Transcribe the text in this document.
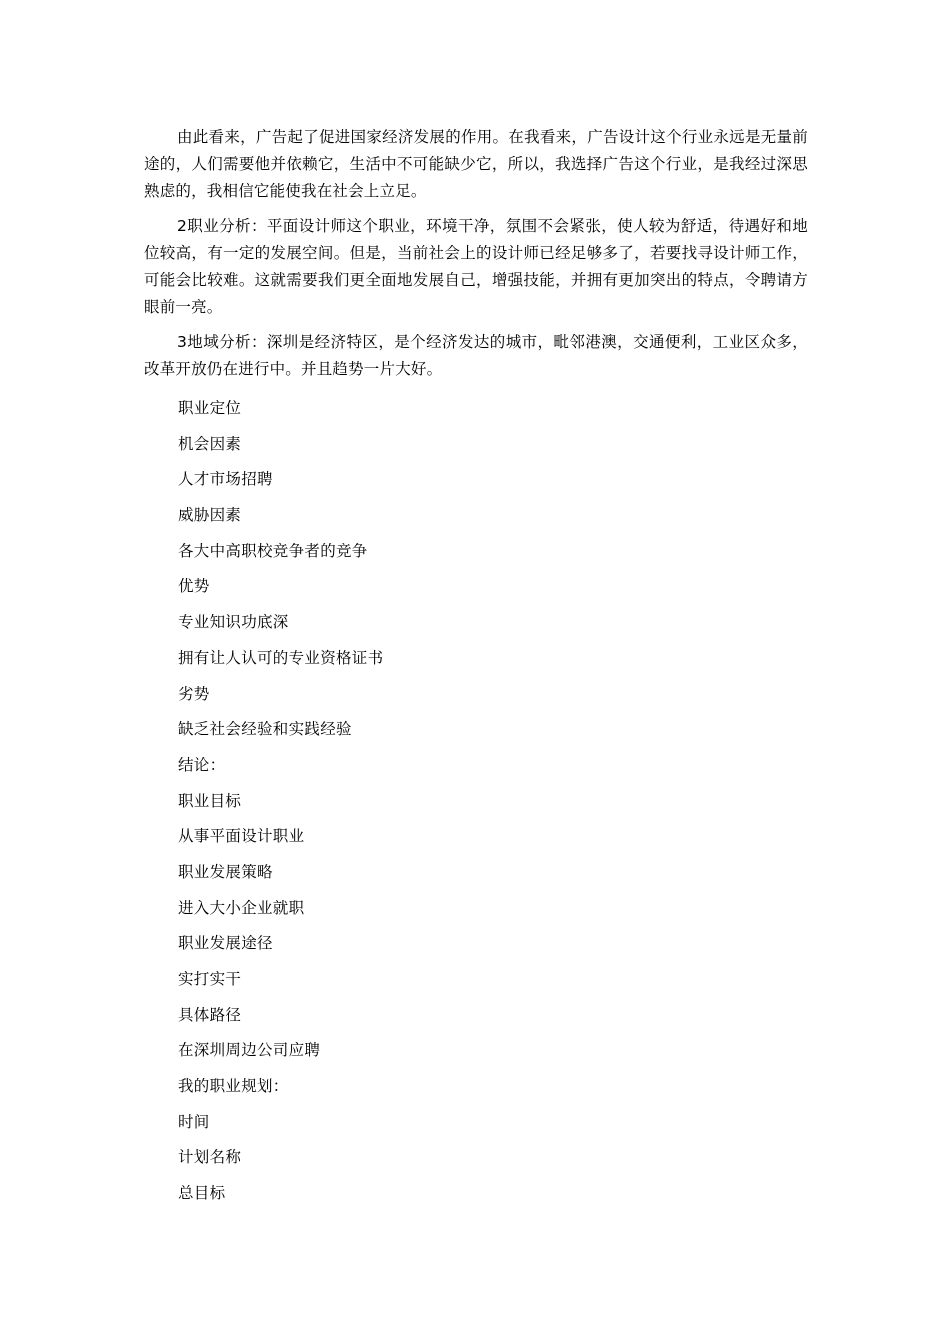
由此看来，广告起了促进国家经济发展的作用。在我看来，广告设计这个行业永远是无量前途的，人们需要他并依赖它，生活中不可能缺少它，所以，我选择广告这个行业，是我经过深思熟虑的，我相信它能使我在社会上立足。

2职业分析：平面设计师这个职业，环境干净，氛围不会紧张，使人较为舒适，待遇好和地位较高，有一定的发展空间。但是，当前社会上的设计师已经足够多了，若要找寻设计师工作，可能会比较难。这就需要我们更全面地发展自己，增强技能，并拥有更加突出的特点，令聘请方眼前一亮。

3地域分析：深圳是经济特区，是个经济发达的城市，毗邻港澳，交通便利，工业区众多，改革开放仍在进行中。并且趋势一片大好。

职业定位
机会因素
人才市场招聘
威胁因素
各大中高职校竞争者的竞争
优势
专业知识功底深
拥有让人认可的专业资格证书
劣势
缺乏社会经验和实践经验
结论：
职业目标
从事平面设计职业
职业发展策略
进入大小企业就职
职业发展途径
实打实干
具体路径
在深圳周边公司应聘
我的职业规划：
时间
计划名称
总目标
